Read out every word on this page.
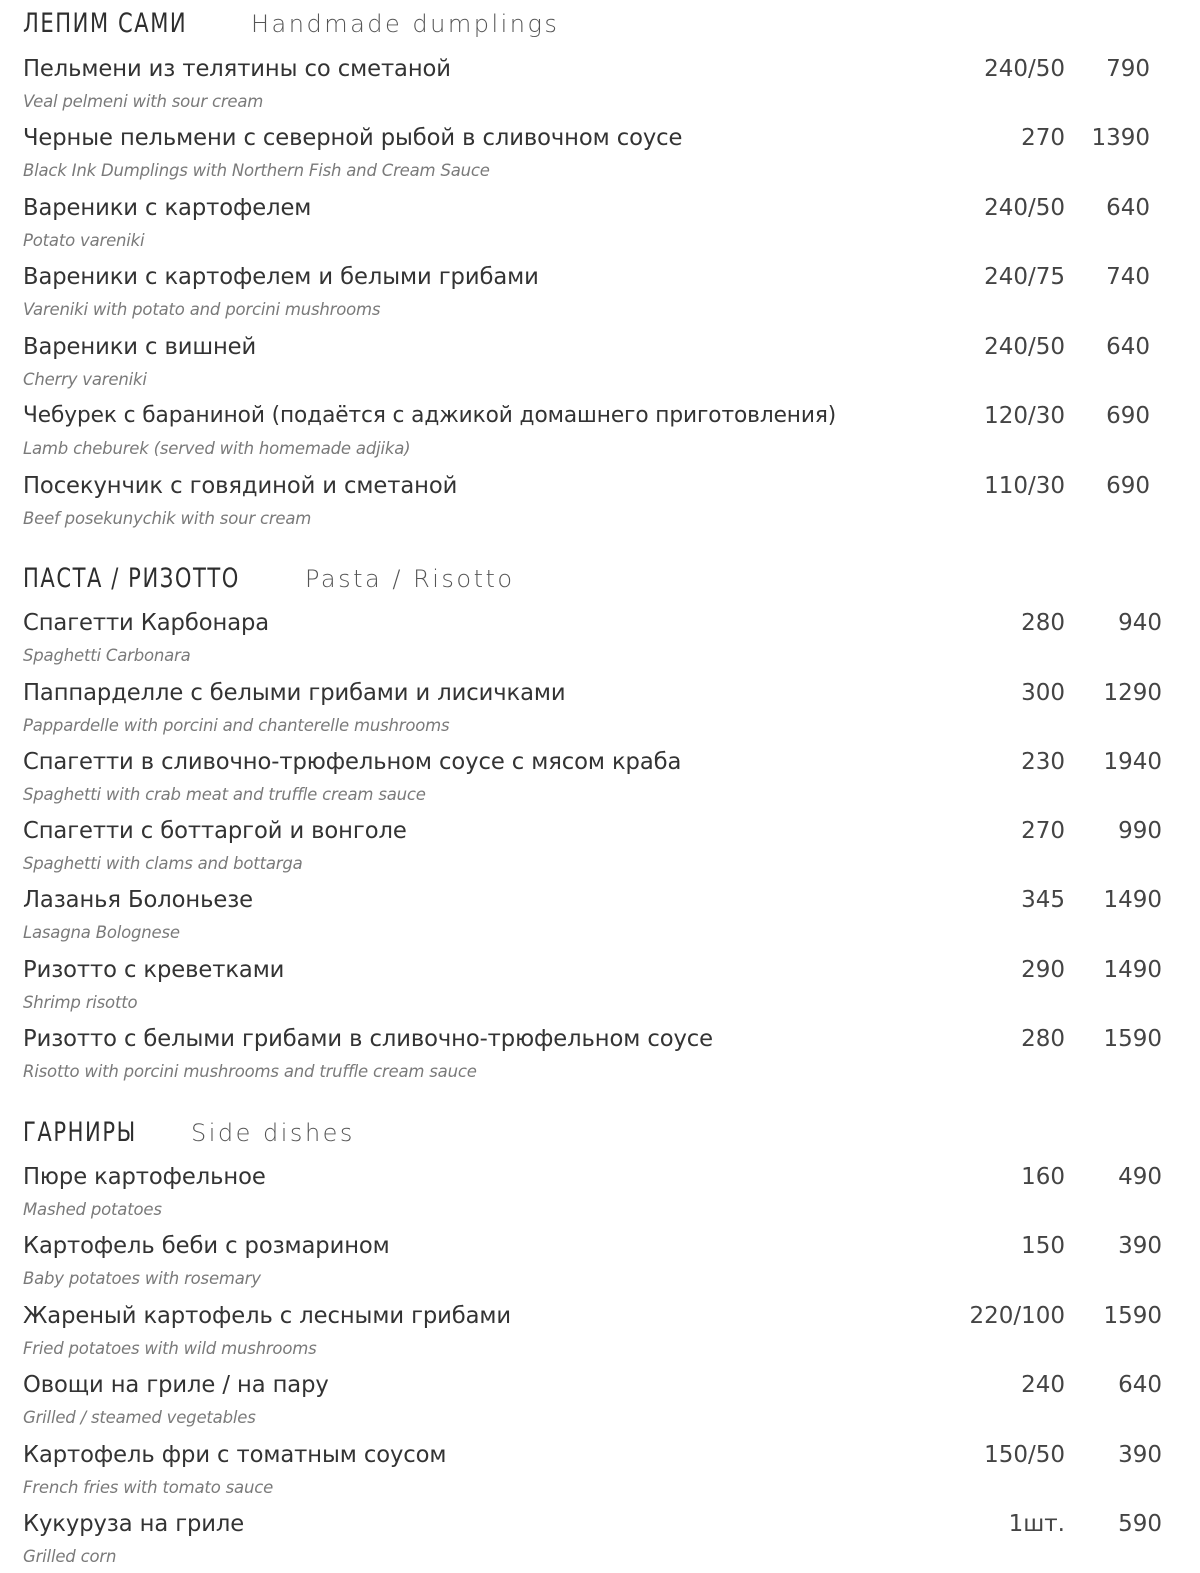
ЛЕПИМ САМИ	Handmade dumplings
Пельмени из телятины со сметаной
Veal pelmeni with sour cream
240/50	790
Черные пельмени с северной рыбой в сливочном соусе
Black Ink Dumplings with Northern Fish and Cream Sauce
270	1390
Вареники с картофелем
Potato vareniki
240/50	640
Вареники с картофелем и белыми грибами
Vareniki with potato and porcini mushrooms
240/75	740
Вареники с вишней
Cherry vareniki
240/50	640
Чебурек с бараниной (подаётся с аджикой домашнего приготовления)
Lamb cheburek (served with homemade adjika)
120/30	690
Посекунчик с говядиной и сметаной
Beef posekunychik with sour cream
110/30	690
ПАСТА / РИЗОТТО	Pasta / Risotto
Спагетти Карбонара
Spaghetti Carbonara
280	940
Паппарделле с белыми грибами и лисичками
Pappardelle with porcini and chanterelle mushrooms
300	1290
Спагетти в сливочно-трюфельном соусе с мясом краба
Spaghetti with crab meat and truffle cream sauce
230	1940
Спагетти с боттаргой и вонголе
Spaghetti with clams and bottarga
270	990
Лазанья Болоньезе
Lasagna Bolognese
345	1490
Ризотто с креветками
Shrimp risotto
290	1490
Ризотто с белыми грибами в сливочно-трюфельном соусе
Risotto with porcini mushrooms and truffle cream sauce
280	1590
ГАРНИРЫ	Side dishes
Пюре картофельное
Mashed potatoes
160	490
Картофель беби с розмарином
Baby potatoes with rosemary
150	390
Жареный картофель с лесными грибами
Fried potatoes with wild mushrooms
220/100	1590
Овощи на гриле / на пару
Grilled / steamed vegetables
240	640
Картофель фри с томатным соусом
French fries with tomato sauce
150/50	390
Кукуруза на гриле
Grilled corn
1шт.	590
